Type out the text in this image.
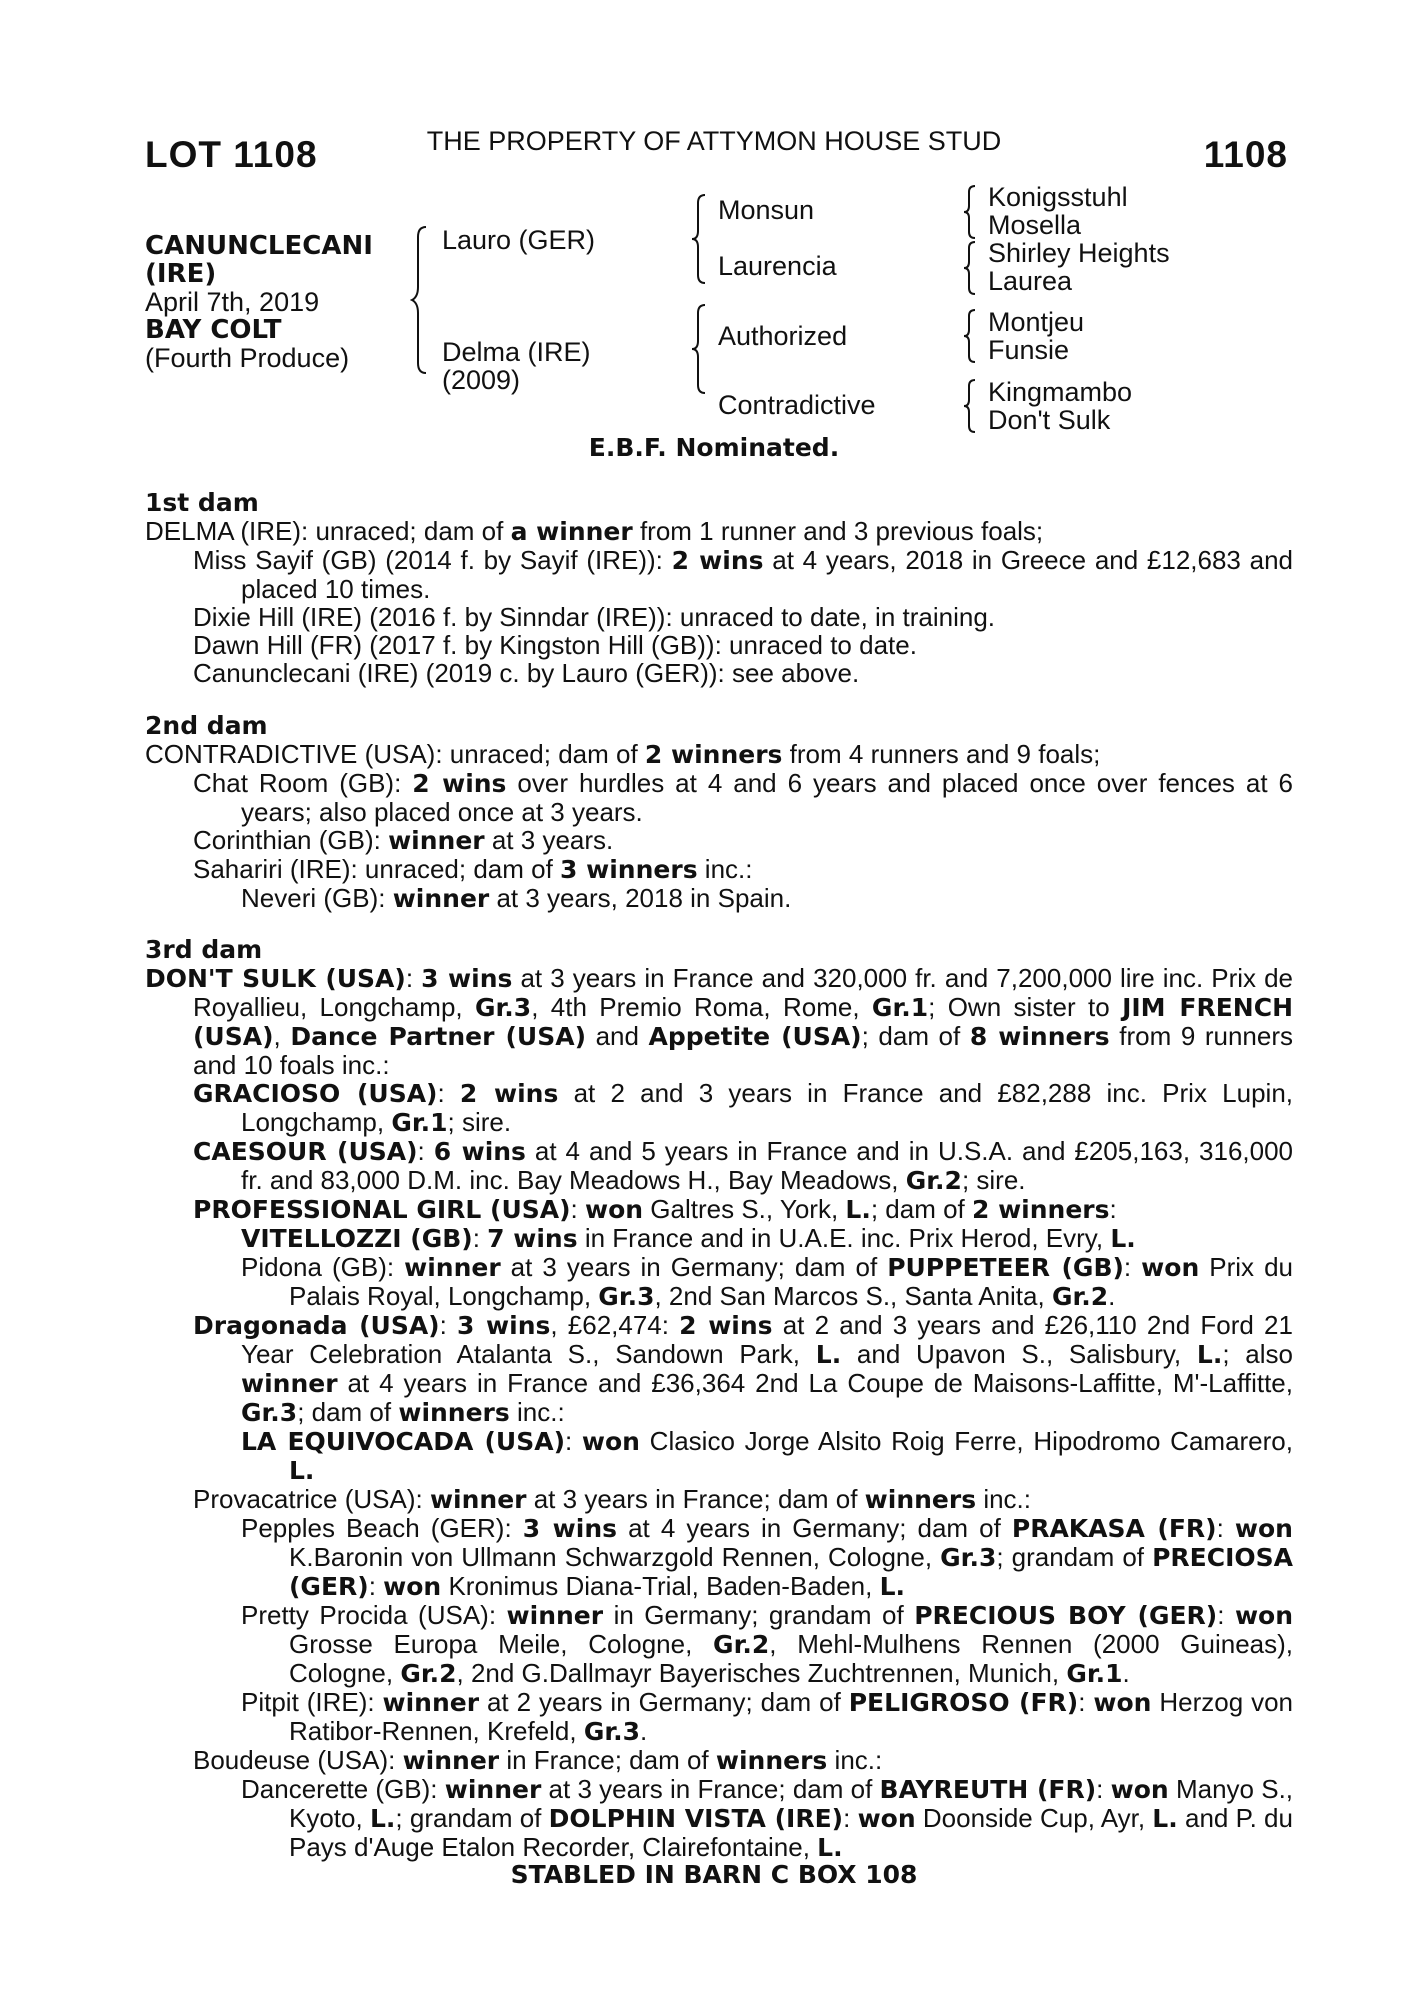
LOT 1108	THE PROPERTY OF ATTYMON HOUSE STUD	1108
CANUNCLECANI
(IRE)
April 7th, 2019
BAY COLT
(Fourth Produce)
Lauro (GER)
Delma (IRE)
(2009)
Monsun
Laurencia
Authorized
Contradictive
Konigsstuhl
Mosella
Shirley Heights
Laurea
Montjeu
Funsie
Kingmambo
Don't Sulk
E.B.F. Nominated.
1st dam
DELMA (IRE): unraced; dam of a winner from 1 runner and 3 previous foals;
Miss Sayif (GB) (2014 f. by Sayif (IRE)): 2 wins at 4 years, 2018 in Greece and £12,683 and placed 10 times.
Dixie Hill (IRE) (2016 f. by Sinndar (IRE)): unraced to date, in training.
Dawn Hill (FR) (2017 f. by Kingston Hill (GB)): unraced to date.
Canunclecani (IRE) (2019 c. by Lauro (GER)): see above.
2nd dam
CONTRADICTIVE (USA): unraced; dam of 2 winners from 4 runners and 9 foals;
Chat Room (GB): 2 wins over hurdles at 4 and 6 years and placed once over fences at 6 years; also placed once at 3 years.
Corinthian (GB): winner at 3 years.
Sahariri (IRE): unraced; dam of 3 winners inc.:
Neveri (GB): winner at 3 years, 2018 in Spain.
3rd dam
DON'T SULK (USA): 3 wins at 3 years in France and 320,000 fr. and 7,200,000 lire inc. Prix de Royallieu, Longchamp, Gr.3, 4th Premio Roma, Rome, Gr.1; Own sister to JIM FRENCH (USA), Dance Partner (USA) and Appetite (USA); dam of 8 winners from 9 runners and 10 foals inc.:
GRACIOSO (USA): 2 wins at 2 and 3 years in France and £82,288 inc. Prix Lupin, Longchamp, Gr.1; sire.
CAESOUR (USA): 6 wins at 4 and 5 years in France and in U.S.A. and £205,163, 316,000 fr. and 83,000 D.M. inc. Bay Meadows H., Bay Meadows, Gr.2; sire.
PROFESSIONAL GIRL (USA): won Galtres S., York, L.; dam of 2 winners:
VITELLOZZI (GB): 7 wins in France and in U.A.E. inc. Prix Herod, Evry, L.
Pidona (GB): winner at 3 years in Germany; dam of PUPPETEER (GB): won Prix du Palais Royal, Longchamp, Gr.3, 2nd San Marcos S., Santa Anita, Gr.2.
Dragonada (USA): 3 wins, £62,474: 2 wins at 2 and 3 years and £26,110 2nd Ford 21 Year Celebration Atalanta S., Sandown Park, L. and Upavon S., Salisbury, L.; also winner at 4 years in France and £36,364 2nd La Coupe de Maisons-Laffitte, M'-Laffitte, Gr.3; dam of winners inc.:
LA EQUIVOCADA (USA): won Clasico Jorge Alsito Roig Ferre, Hipodromo Camarero, L.
Provacatrice (USA): winner at 3 years in France; dam of winners inc.:
Pepples Beach (GER): 3 wins at 4 years in Germany; dam of PRAKASA (FR): won K.Baronin von Ullmann Schwarzgold Rennen, Cologne, Gr.3; grandam of PRECIOSA (GER): won Kronimus Diana-Trial, Baden-Baden, L.
Pretty Procida (USA): winner in Germany; grandam of PRECIOUS BOY (GER): won Grosse Europa Meile, Cologne, Gr.2, Mehl-Mulhens Rennen (2000 Guineas), Cologne, Gr.2, 2nd G.Dallmayr Bayerisches Zuchtrennen, Munich, Gr.1.
Pitpit (IRE): winner at 2 years in Germany; dam of PELIGROSO (FR): won Herzog von Ratibor-Rennen, Krefeld, Gr.3.
Boudeuse (USA): winner in France; dam of winners inc.:
Dancerette (GB): winner at 3 years in France; dam of BAYREUTH (FR): won Manyo S., Kyoto, L.; grandam of DOLPHIN VISTA (IRE): won Doonside Cup, Ayr, L. and P. du Pays d'Auge Etalon Recorder, Clairefontaine, L.
STABLED IN BARN C BOX 108
